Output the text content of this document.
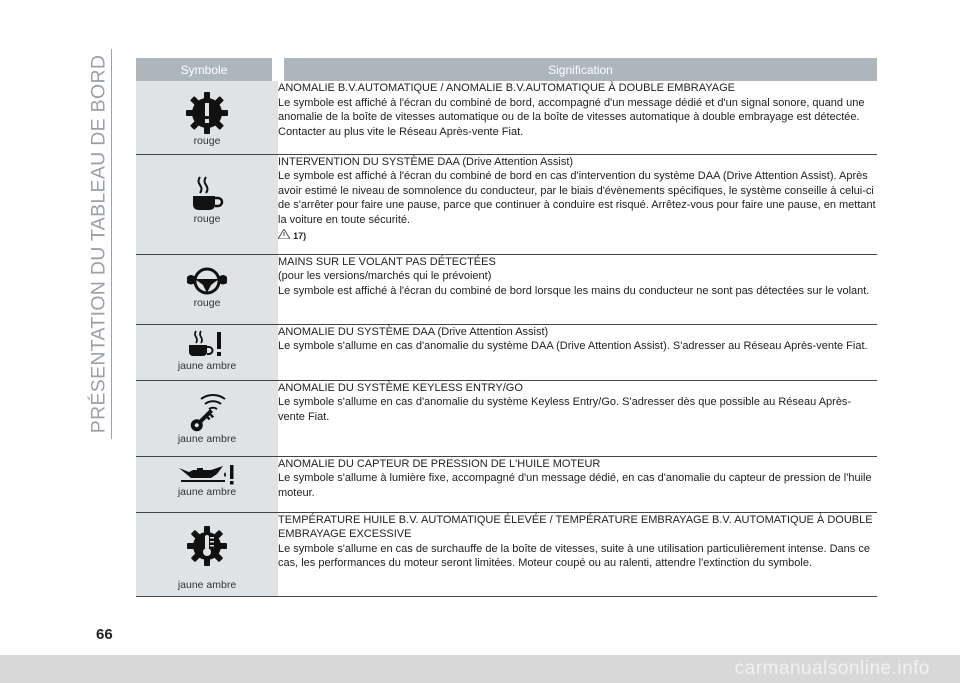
PRÉSENTATION DU TABLEAU DE BORD	Symbole	Signification

rouge	ANOMALIE B.V.AUTOMATIQUE / ANOMALIE B.V.AUTOMATIQUE À DOUBLE EMBRAYAGE
Le symbole est affiché à l'écran du combiné de bord, accompagné d'un message dédié et d'un signal sonore, quand une anomalie de la boîte de vitesses automatique ou de la boîte de vitesses automatique à double embrayage est détectée. Contacter au plus vite le Réseau Après-vente Fiat.

rouge	INTERVENTION DU SYSTÈME DAA (Drive Attention Assist)
Le symbole est affiché à l'écran du combiné de bord en cas d'intervention du système DAA (Drive Attention Assist). Après avoir estimé le niveau de somnolence du conducteur, par le biais d'évènements spécifiques, le système conseille à celui-ci de s'arrêter pour faire une pause, parce que continuer à conduire est risqué. Arrêtez-vous pour faire une pause, en mettant la voiture en toute sécurité.
17)

rouge	MAINS SUR LE VOLANT PAS DÉTECTÉES
(pour les versions/marchés qui le prévoient)
Le symbole est affiché à l'écran du combiné de bord lorsque les mains du conducteur ne sont pas détectées sur le volant.

jaune ambre	ANOMALIE DU SYSTÈME DAA (Drive Attention Assist)
Le symbole s'allume en cas d'anomalie du système DAA (Drive Attention Assist). S'adresser au Réseau Après-vente Fiat.

jaune ambre	ANOMALIE DU SYSTÈME KEYLESS ENTRY/GO
Le symbole s'allume en cas d'anomalie du système Keyless Entry/Go. S'adresser dès que possible au Réseau Après-vente Fiat.

jaune ambre	ANOMALIE DU CAPTEUR DE PRESSION DE L'HUILE MOTEUR
Le symbole s'allume à lumière fixe, accompagné d'un message dédié, en cas d'anomalie du capteur de pression de l'huile moteur.

jaune ambre	TEMPÉRATURE HUILE B.V. AUTOMATIQUE ÉLEVÉE / TEMPÉRATURE EMBRAYAGE B.V. AUTOMATIQUE À DOUBLE EMBRAYAGE EXCESSIVE
Le symbole s'allume en cas de surchauffe de la boîte de vitesses, suite à une utilisation particulièrement intense. Dans ce cas, les performances du moteur seront limitées. Moteur coupé ou au ralenti, attendre l'extinction du symbole.
66
carmanualsonline.info
